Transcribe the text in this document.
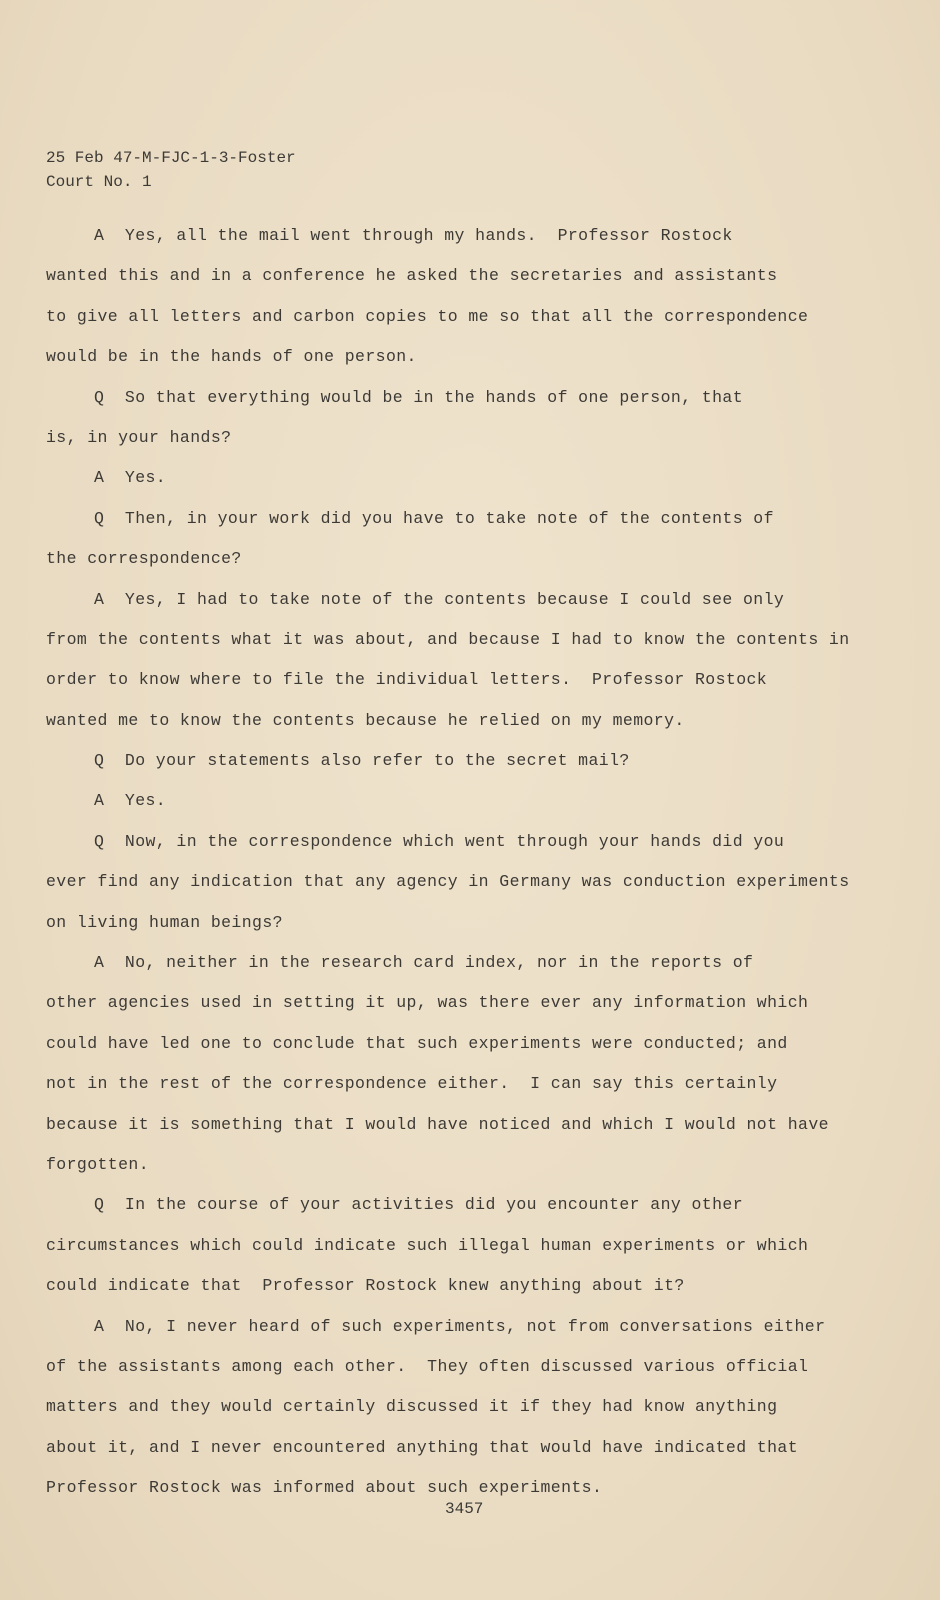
25 Feb 47-M-FJC-1-3-Foster
Court No. 1
A  Yes, all the mail went through my hands.  Professor Rostock
wanted this and in a conference he asked the secretaries and assistants
to give all letters and carbon copies to me so that all the correspondence
would be in the hands of one person.
Q  So that everything would be in the hands of one person, that
is, in your hands?
A  Yes.
Q  Then, in your work did you have to take note of the contents of
the correspondence?
A  Yes, I had to take note of the contents because I could see only
from the contents what it was about, and because I had to know the contents in
order to know where to file the individual letters.  Professor Rostock
wanted me to know the contents because he relied on my memory.
Q  Do your statements also refer to the secret mail?
A  Yes.
Q  Now, in the correspondence which went through your hands did you
ever find any indication that any agency in Germany was conduction experiments
on living human beings?
A  No, neither in the research card index, nor in the reports of
other agencies used in setting it up, was there ever any information which
could have led one to conclude that such experiments were conducted; and
not in the rest of the correspondence either.  I can say this certainly
because it is something that I would have noticed and which I would not have
forgotten.
Q  In the course of your activities did you encounter any other
circumstances which could indicate such illegal human experiments or which
could indicate that  Professor Rostock knew anything about it?
A  No, I never heard of such experiments, not from conversations either
of the assistants among each other.  They often discussed various official
matters and they would certainly discussed it if they had know anything
about it, and I never encountered anything that would have indicated that
Professor Rostock was informed about such experiments.
3457
